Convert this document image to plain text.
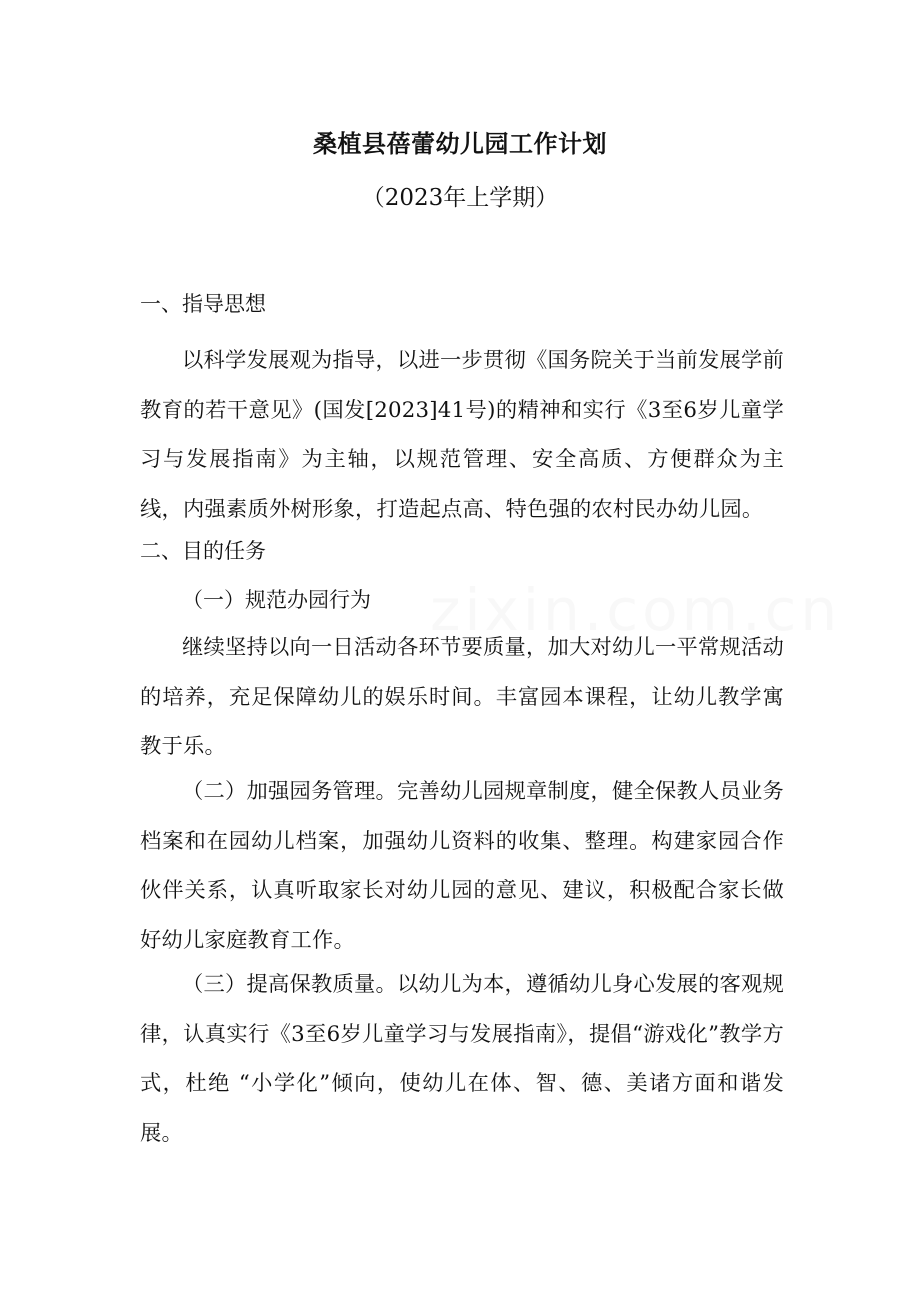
zixin.com.cn
桑植县蓓蕾幼儿园工作计划
（2023年上学期）

一、指导思想

以科学发展观为指导，以进一步贯彻《国务院关于当前发展学前教育的若干意见》(国发[2023]41号)的精神和实行《3至6岁儿童学习与发展指南》为主轴，以规范管理、安全高质、方便群众为主线，内强素质外树形象，打造起点高、特色强的农村民办幼儿园。

二、目的任务

（一）规范办园行为

继续坚持以向一日活动各环节要质量，加大对幼儿一平常规活动的培养，充足保障幼儿的娱乐时间。丰富园本课程，让幼儿教学寓教于乐。

（二）加强园务管理。完善幼儿园规章制度，健全保教人员业务档案和在园幼儿档案，加强幼儿资料的收集、整理。构建家园合作伙伴关系，认真听取家长对幼儿园的意见、建议，积极配合家长做好幼儿家庭教育工作。

（三）提高保教质量。以幼儿为本，遵循幼儿身心发展的客观规律，认真实行《3至6岁儿童学习与发展指南》，提倡“游戏化”教学方式，杜绝 “小学化”倾向，使幼儿在体、智、德、美诸方面和谐发展。
